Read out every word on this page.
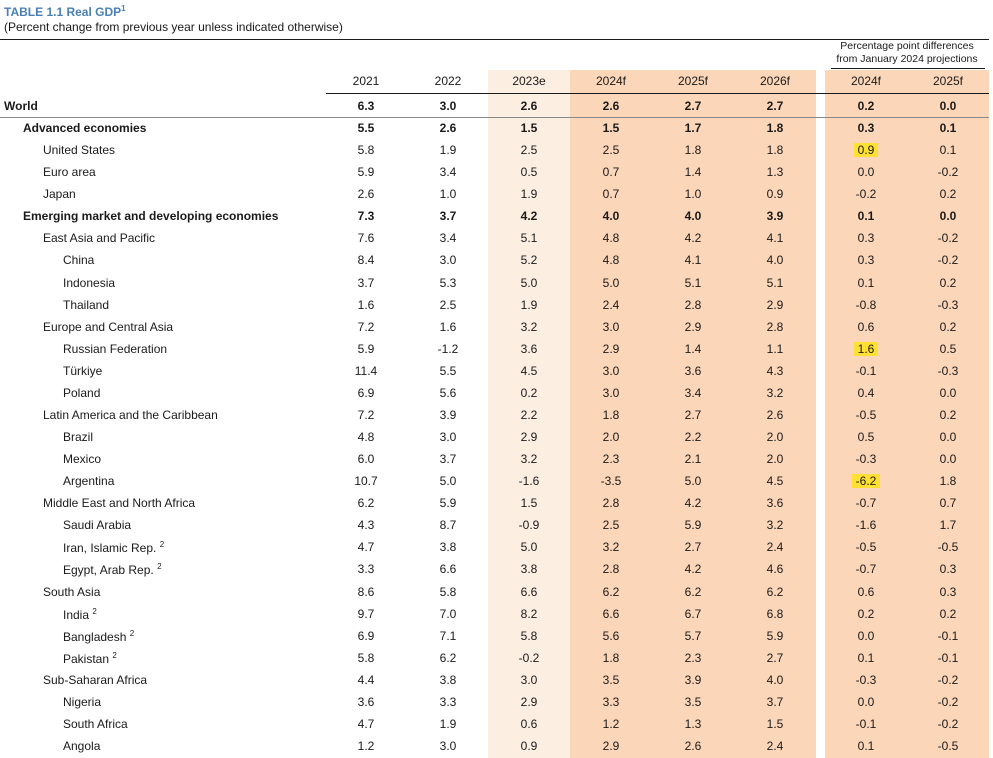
TABLE 1.1 Real GDP$^1$
(Percent change from previous year unless indicated otherwise)
Percentage point differences
from January 2024 projections
2021	2022	2023e	2024f	2025f	2026f	2024f	2025f
World	6.3	3.0	2.6	2.6	2.7	2.7	0.2	0.0
Advanced economies	5.5	2.6	1.5	1.5	1.7	1.8	0.3	0.1
United States	5.8	1.9	2.5	2.5	1.8	1.8	0.9	0.1
Euro area	5.9	3.4	0.5	0.7	1.4	1.3	0.0	-0.2
Japan	2.6	1.0	1.9	0.7	1.0	0.9	-0.2	0.2
Emerging market and developing economies	7.3	3.7	4.2	4.0	4.0	3.9	0.1	0.0
East Asia and Pacific	7.6	3.4	5.1	4.8	4.2	4.1	0.3	-0.2
China	8.4	3.0	5.2	4.8	4.1	4.0	0.3	-0.2
Indonesia	3.7	5.3	5.0	5.0	5.1	5.1	0.1	0.2
Thailand	1.6	2.5	1.9	2.4	2.8	2.9	-0.8	-0.3
Europe and Central Asia	7.2	1.6	3.2	3.0	2.9	2.8	0.6	0.2
Russian Federation	5.9	-1.2	3.6	2.9	1.4	1.1	1.6	0.5
Türkiye	11.4	5.5	4.5	3.0	3.6	4.3	-0.1	-0.3
Poland	6.9	5.6	0.2	3.0	3.4	3.2	0.4	0.0
Latin America and the Caribbean	7.2	3.9	2.2	1.8	2.7	2.6	-0.5	0.2
Brazil	4.8	3.0	2.9	2.0	2.2	2.0	0.5	0.0
Mexico	6.0	3.7	3.2	2.3	2.1	2.0	-0.3	0.0
Argentina	10.7	5.0	-1.6	-3.5	5.0	4.5	-6.2	1.8
Middle East and North Africa	6.2	5.9	1.5	2.8	4.2	3.6	-0.7	0.7
Saudi Arabia	4.3	8.7	-0.9	2.5	5.9	3.2	-1.6	1.7
Iran, Islamic Rep. $^2$	4.7	3.8	5.0	3.2	2.7	2.4	-0.5	-0.5
Egypt, Arab Rep. $^2$	3.3	6.6	3.8	2.8	4.2	4.6	-0.7	0.3
South Asia	8.6	5.8	6.6	6.2	6.2	6.2	0.6	0.3
India $^2$	9.7	7.0	8.2	6.6	6.7	6.8	0.2	0.2
Bangladesh $^2$	6.9	7.1	5.8	5.6	5.7	5.9	0.0	-0.1
Pakistan $^2$	5.8	6.2	-0.2	1.8	2.3	2.7	0.1	-0.1
Sub-Saharan Africa	4.4	3.8	3.0	3.5	3.9	4.0	-0.3	-0.2
Nigeria	3.6	3.3	2.9	3.3	3.5	3.7	0.0	-0.2
South Africa	4.7	1.9	0.6	1.2	1.3	1.5	-0.1	-0.2
Angola	1.2	3.0	0.9	2.9	2.6	2.4	0.1	-0.5
